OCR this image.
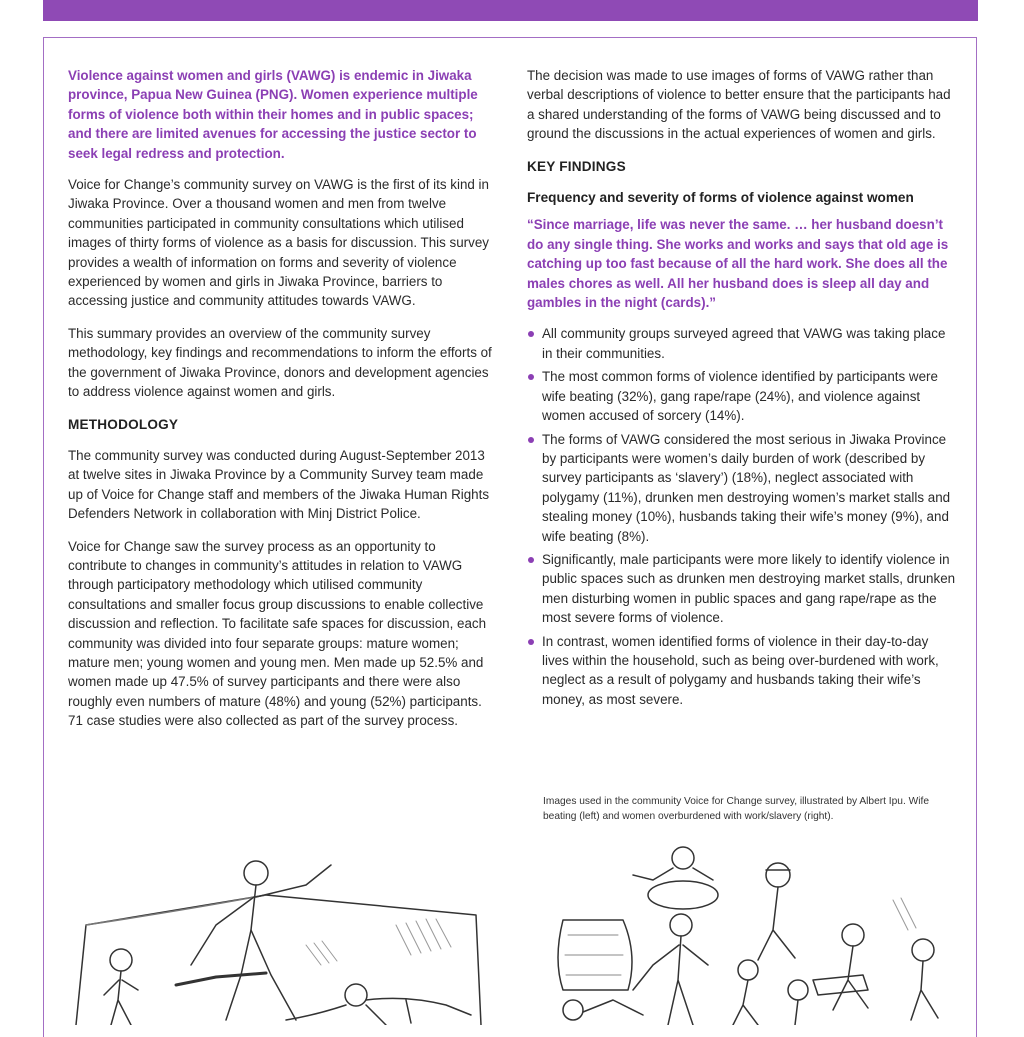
Violence against women and girls (VAWG) is endemic in Jiwaka province, Papua New Guinea (PNG). Women experience multiple forms of violence both within their homes and in public spaces; and there are limited avenues for accessing the justice sector to seek legal redress and protection.

Voice for Change’s community survey on VAWG is the first of its kind in Jiwaka Province. Over a thousand women and men from twelve communities participated in community consultations which utilised images of thirty forms of violence as a basis for discussion. This survey provides a wealth of information on forms and severity of violence experienced by women and girls in Jiwaka Province, barriers to accessing justice and community attitudes towards VAWG.

This summary provides an overview of the community survey methodology, key findings and recommendations to inform the efforts of the government of Jiwaka Province, donors and development agencies to address violence against women and girls.

METHODOLOGY

The community survey was conducted during August-September 2013 at twelve sites in Jiwaka Province by a Community Survey team made up of Voice for Change staff and members of the Jiwaka Human Rights Defenders Network in collaboration with Minj District Police.

Voice for Change saw the survey process as an opportunity to contribute to changes in community’s attitudes in relation to VAWG through participatory methodology which utilised community consultations and smaller focus group discussions to enable collective discussion and reflection. To facilitate safe spaces for discussion, each community was divided into four separate groups: mature women; mature men; young women and young men. Men made up 52.5% and women made up 47.5% of survey participants and there were also roughly even numbers of mature (48%) and young (52%) participants. 71 case studies were also collected as part of the survey process.

The decision was made to use images of forms of VAWG rather than verbal descriptions of violence to better ensure that the participants had a shared understanding of the forms of VAWG being discussed and to ground the discussions in the actual experiences of women and girls.

KEY FINDINGS
Frequency and severity of forms of violence against women

“Since marriage, life was never the same. … her husband doesn’t do any single thing. She works and works and says that old age is catching up too fast because of all the hard work. She does all the males chores as well. All her husband does is sleep all day and gambles in the night (cards).”

All community groups surveyed agreed that VAWG was taking place in their communities.
The most common forms of violence identified by participants were wife beating (32%), gang rape/rape (24%), and violence against women accused of sorcery (14%).
The forms of VAWG considered the most serious in Jiwaka Province by participants were women’s daily burden of work (described by survey participants as ‘slavery’) (18%), neglect associated with polygamy (11%), drunken men destroying women’s market stalls and stealing money (10%), husbands taking their wife’s money (9%), and wife beating (8%).
Significantly, male participants were more likely to identify violence in public spaces such as drunken men destroying market stalls, drunken men disturbing women in public spaces and gang rape/rape as the most severe forms of violence.
In contrast, women identified forms of violence in their day-to-day lives within the household, such as being over-burdened with work, neglect as a result of polygamy and husbands taking their wife’s money, as most severe.
Images used in the community Voice for Change survey, illustrated by Albert Ipu. Wife beating (left) and women overburdened with work/slavery (right).
